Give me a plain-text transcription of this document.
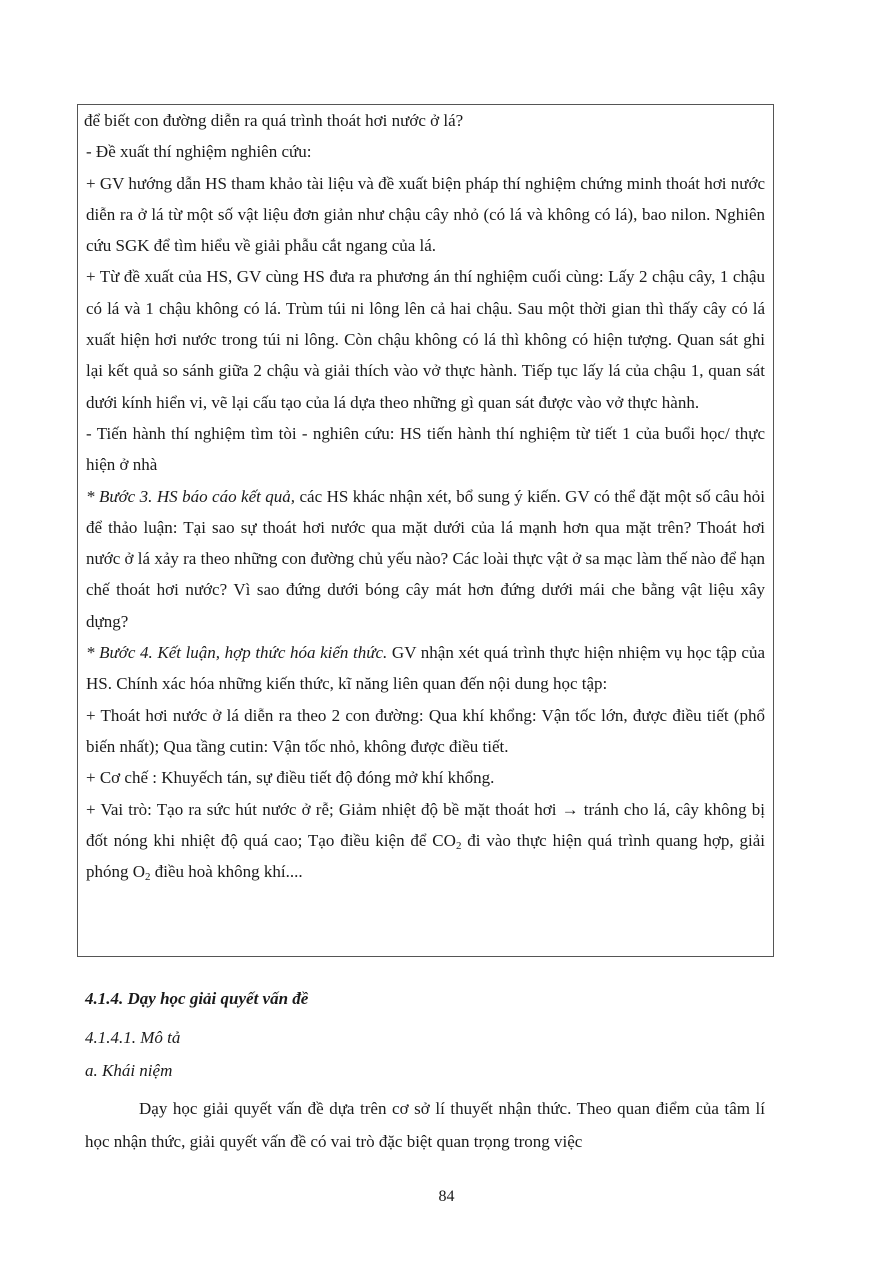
để biết con đường diễn ra quá trình thoát hơi nước ở lá?

- Đề xuất thí nghiệm nghiên cứu:

+ GV hướng dẫn HS tham khảo tài liệu và đề xuất biện pháp thí nghiệm chứng minh thoát hơi nước diễn ra ở lá từ một số vật liệu đơn giản như chậu cây nhỏ (có lá và không có lá), bao nilon. Nghiên cứu SGK để tìm hiểu về giải phẫu cắt ngang của lá.

+ Từ đề xuất của HS, GV cùng HS đưa ra phương án thí nghiệm cuối cùng: Lấy 2 chậu cây, 1 chậu có lá và 1 chậu không có lá. Trùm túi ni lông lên cả hai chậu. Sau một thời gian thì thấy cây có lá xuất hiện hơi nước trong túi ni lông. Còn chậu không có lá thì không có hiện tượng. Quan sát ghi lại kết quả so sánh giữa 2 chậu và giải thích vào vở thực hành. Tiếp tục lấy lá của chậu 1, quan sát dưới kính hiển vi, vẽ lại cấu tạo của lá dựa theo những gì quan sát được vào vở thực hành.

- Tiến hành thí nghiệm tìm tòi - nghiên cứu: HS tiến hành thí nghiệm từ tiết 1 của buổi học/ thực hiện ở nhà

* Bước 3. HS báo cáo kết quả, các HS khác nhận xét, bổ sung ý kiến. GV có thể đặt một số câu hỏi để thảo luận: Tại sao sự thoát hơi nước qua mặt dưới của lá mạnh hơn qua mặt trên? Thoát hơi nước ở lá xảy ra theo những con đường chủ yếu nào? Các loài thực vật ở sa mạc làm thế nào để hạn chế thoát hơi nước? Vì sao đứng dưới bóng cây mát hơn đứng dưới mái che bằng vật liệu xây dựng?

* Bước 4. Kết luận, hợp thức hóa kiến thức. GV nhận xét quá trình thực hiện nhiệm vụ học tập của HS. Chính xác hóa những kiến thức, kĩ năng liên quan đến nội dung học tập:

+ Thoát hơi nước ở lá diễn ra theo 2 con đường: Qua khí khổng: Vận tốc lớn, được điều tiết (phổ biến nhất); Qua tầng cutin: Vận tốc nhỏ, không được điều tiết.

+ Cơ chế : Khuyếch tán, sự điều tiết độ đóng mở khí khổng.

+ Vai trò: Tạo ra sức hút nước ở rễ; Giảm nhiệt độ bề mặt thoát hơi → tránh cho lá, cây không bị đốt nóng khi nhiệt độ quá cao; Tạo điều kiện để $CO_2$ đi vào thực hiện quá trình quang hợp, giải phóng $O_2$ điều hoà không khí....

4.1.4. Dạy học giải quyết vấn đề

4.1.4.1. Mô tả

a. Khái niệm

Dạy học giải quyết vấn đề dựa trên cơ sở lí thuyết nhận thức. Theo quan điểm của tâm lí học nhận thức, giải quyết vấn đề có vai trò đặc biệt quan trọng trong việc

84
